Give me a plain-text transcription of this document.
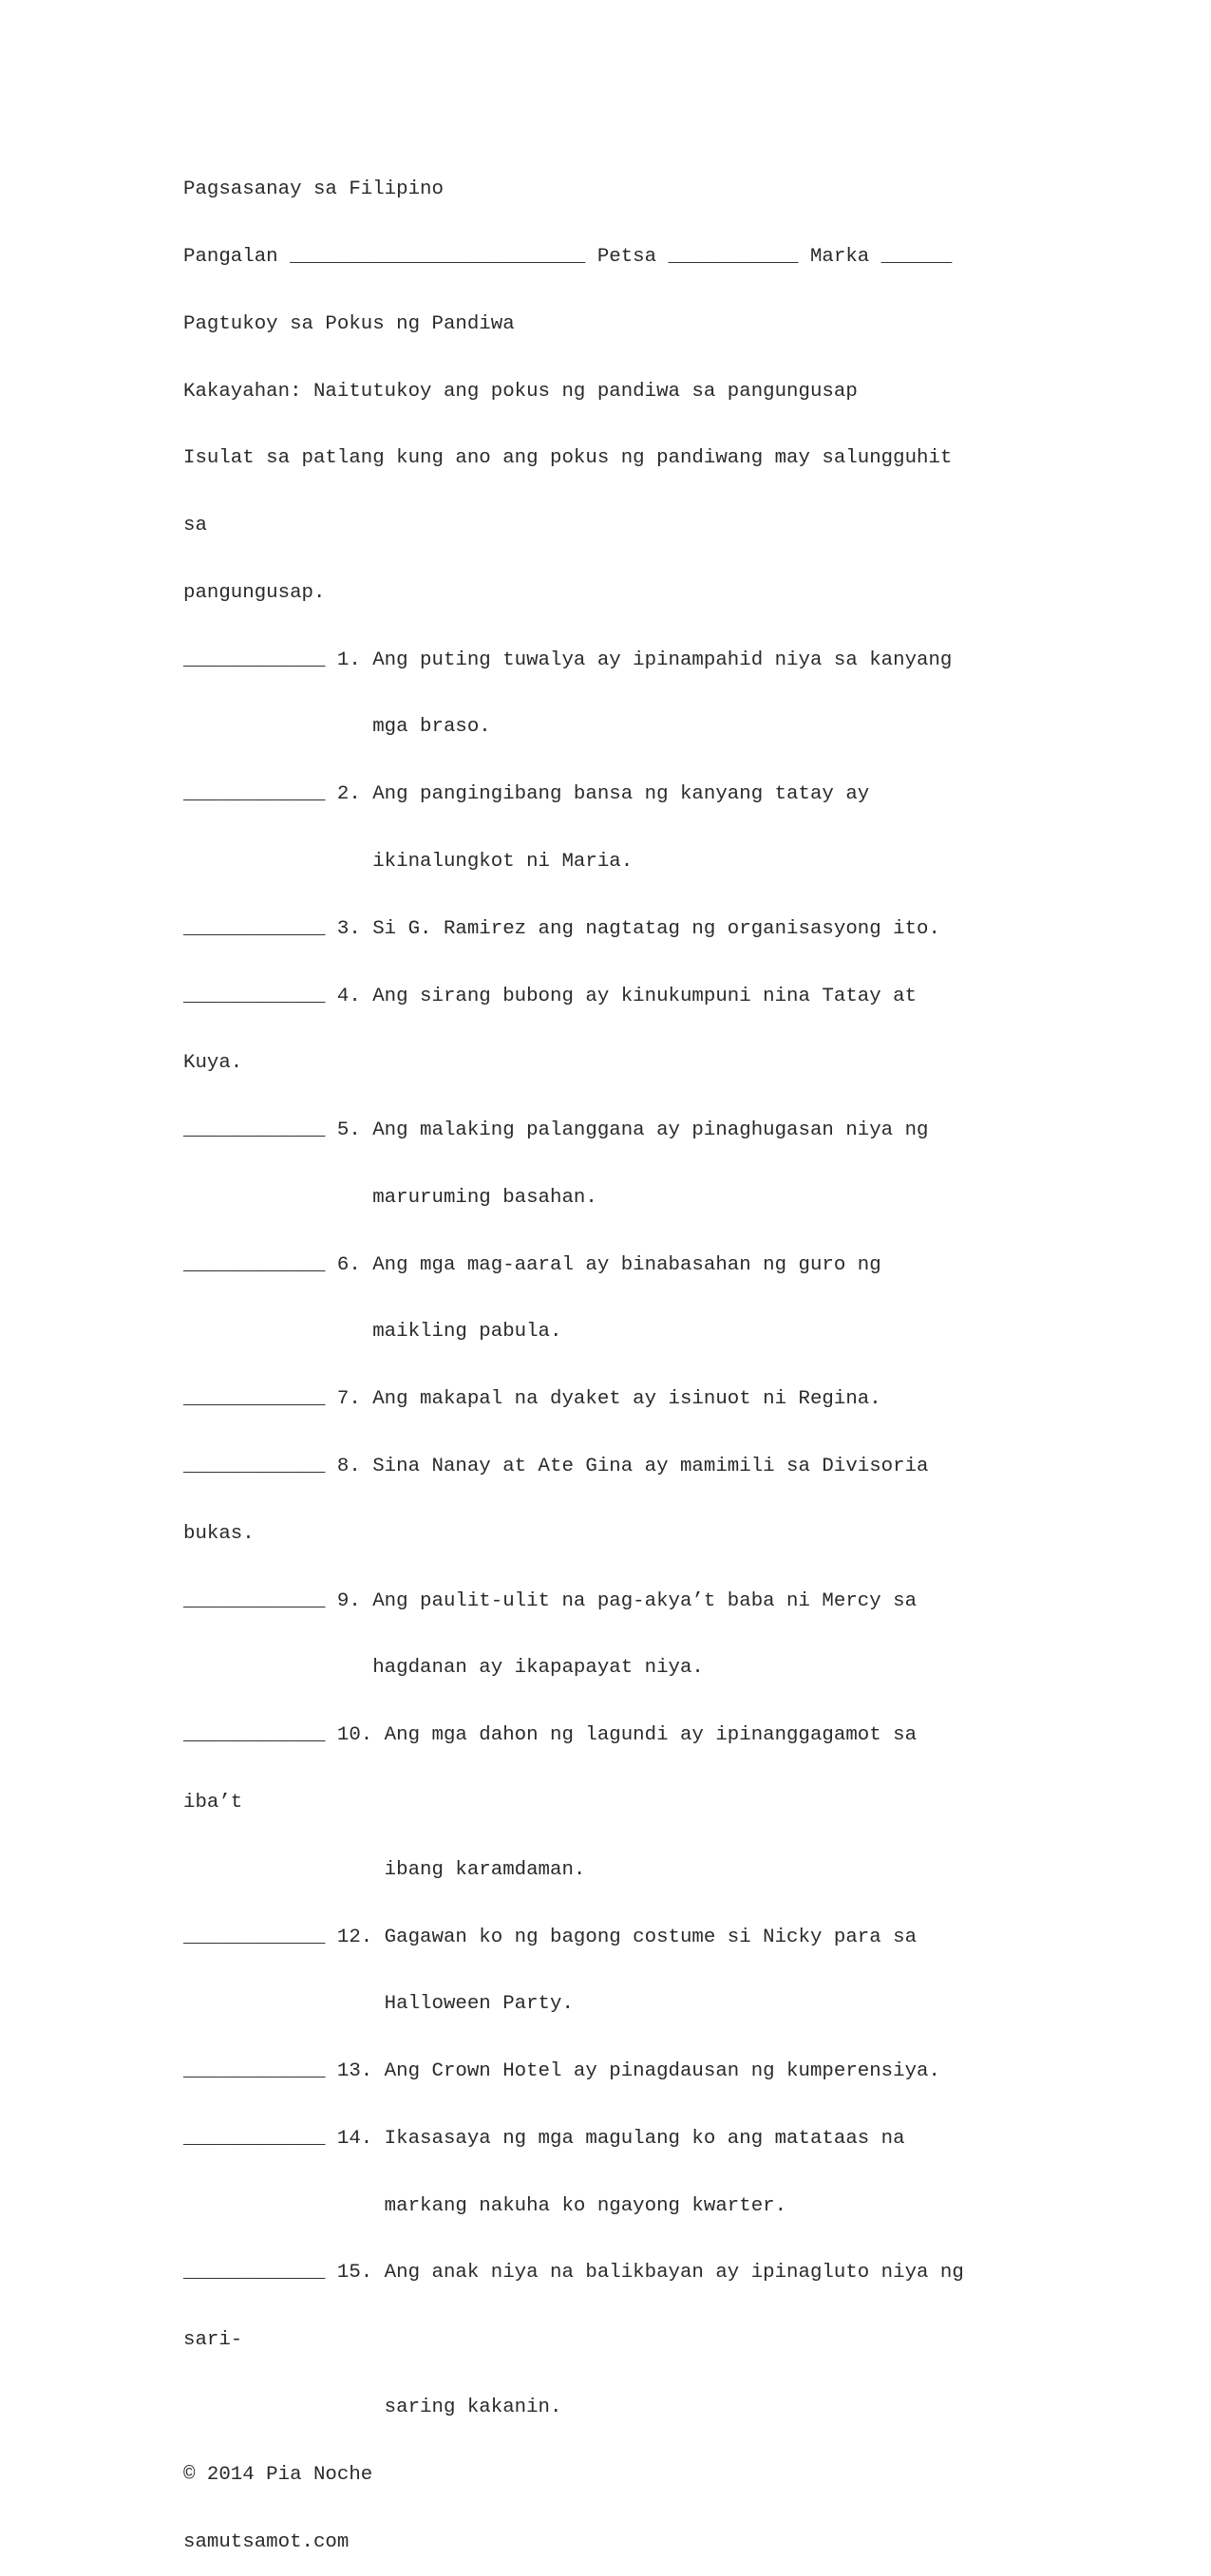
Pagsasanay sa Filipino

Pangalan _________________________ Petsa ___________ Marka ______

Pagtukoy sa Pokus ng Pandiwa

Kakayahan: Naitutukoy ang pokus ng pandiwa sa pangungusap

Isulat sa patlang kung ano ang pokus ng pandiwang may salungguhit

sa

pangungusap.

____________ 1. Ang puting tuwalya ay ipinampahid niya sa kanyang

mga braso.

____________ 2. Ang pangingibang bansa ng kanyang tatay ay

ikinalungkot ni Maria.

____________ 3. Si G. Ramirez ang nagtatag ng organisasyong ito.

____________ 4. Ang sirang bubong ay kinukumpuni nina Tatay at

Kuya.

____________ 5. Ang malaking palanggana ay pinaghugasan niya ng

maruruming basahan.

____________ 6. Ang mga mag-aaral ay binabasahan ng guro ng

maikling pabula.

____________ 7. Ang makapal na dyaket ay isinuot ni Regina.

____________ 8. Sina Nanay at Ate Gina ay mamimili sa Divisoria

bukas.

____________ 9. Ang paulit-ulit na pag-akya’t baba ni Mercy sa

hagdanan ay ikapapayat niya.

____________ 10. Ang mga dahon ng lagundi ay ipinanggagamot sa

iba’t

ibang karamdaman.

____________ 12. Gagawan ko ng bagong costume si Nicky para sa

Halloween Party.

____________ 13. Ang Crown Hotel ay pinagdausan ng kumperensiya.

____________ 14. Ikasasaya ng mga magulang ko ang matataas na

markang nakuha ko ngayong kwarter.

____________ 15. Ang anak niya na balikbayan ay ipinagluto niya ng

sari-

saring kakanin.

© 2014 Pia Noche

samutsamot.com
